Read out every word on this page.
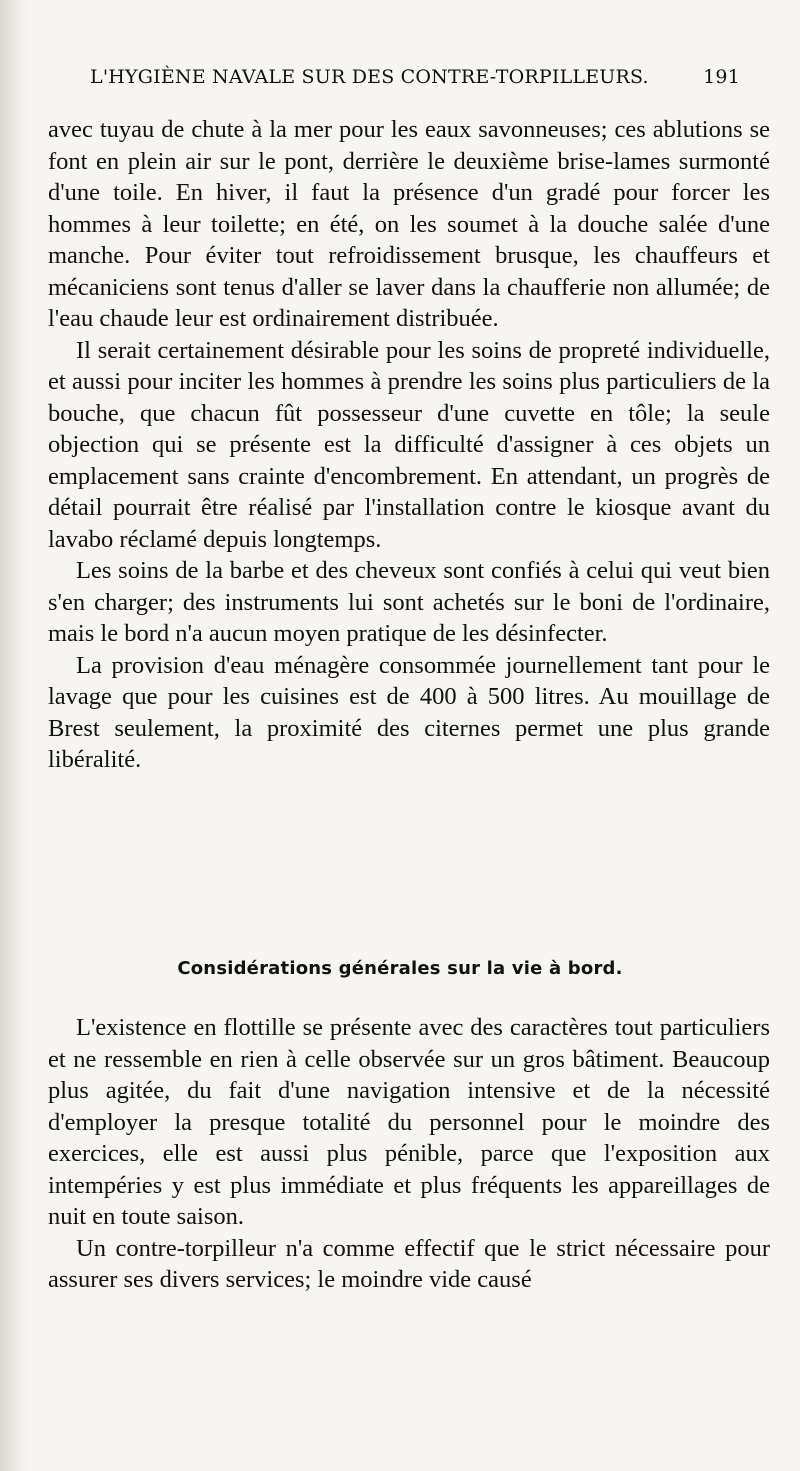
L'HYGIÈNE NAVALE SUR DES CONTRE-TORPILLEURS.	191

avec tuyau de chute à la mer pour les eaux savonneuses; ces ablutions se font en plein air sur le pont, derrière le deuxième brise-lames surmonté d'une toile. En hiver, il faut la présence d'un gradé pour forcer les hommes à leur toilette; en été, on les soumet à la douche salée d'une manche. Pour éviter tout refroidissement brusque, les chauffeurs et mécaniciens sont tenus d'aller se laver dans la chaufferie non allumée; de l'eau chaude leur est ordinairement distribuée.

Il serait certainement désirable pour les soins de propreté individuelle, et aussi pour inciter les hommes à prendre les soins plus particuliers de la bouche, que chacun fût possesseur d'une cuvette en tôle; la seule objection qui se présente est la difficulté d'assigner à ces objets un emplacement sans crainte d'encombrement. En attendant, un progrès de détail pourrait être réalisé par l'installation contre le kiosque avant du lavabo réclamé depuis longtemps.

Les soins de la barbe et des cheveux sont confiés à celui qui veut bien s'en charger; des instruments lui sont achetés sur le boni de l'ordinaire, mais le bord n'a aucun moyen pratique de les désinfecter.

La provision d'eau ménagère consommée journellement tant pour le lavage que pour les cuisines est de 400 à 500 litres. Au mouillage de Brest seulement, la proximité des citernes permet une plus grande libéralité.

Considérations générales sur la vie à bord.

L'existence en flottille se présente avec des caractères tout particuliers et ne ressemble en rien à celle observée sur un gros bâtiment. Beaucoup plus agitée, du fait d'une navigation intensive et de la nécessité d'employer la presque totalité du personnel pour le moindre des exercices, elle est aussi plus pénible, parce que l'exposition aux intempéries y est plus immédiate et plus fréquents les appareillages de nuit en toute saison.

Un contre-torpilleur n'a comme effectif que le strict nécessaire pour assurer ses divers services; le moindre vide causé
